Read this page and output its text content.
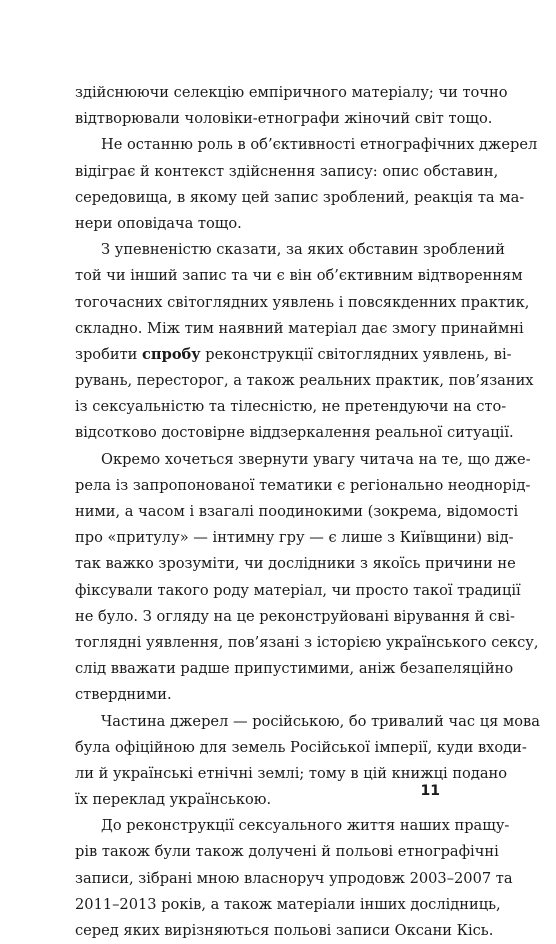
здійснюючи селекцію емпіричного матеріалу; чи точно
відтворювали чоловіки-етнографи жіночий світ тощо.
Не останню роль в об’єктивності етнографічних джерел
відіграє й контекст здійснення запису: опис обставин,
середовища, в якому цей запис зроблений, реакція та ма-
нери оповідача тощо.
З упевненістю сказати, за яких обставин зроблений
той чи інший запис та чи є він об’єктивним відтворенням
тогочасних світоглядних уявлень і повсякденних практик,
складно. Між тим наявний матеріал дає змогу принаймні
зробити спробу реконструкції світоглядних уявлень, ві-
рувань, пересторог, а також реальних практик, пов’язаних
із сексуальністю та тілесністю, не претендуючи на сто-
відсотково достовірне віддзеркалення реальної ситуації.
Окремо хочеться звернути увагу читача на те, що дже-
рела із запропонованої тематики є регіонально неоднорід-
ними, а часом і взагалі поодинокими (зокрема, відомості
про «притулу» — інтимну гру — є лише з Київщини) від-
так важко зрозуміти, чи дослідники з якоїсь причини не
фіксували такого роду матеріал, чи просто такої традиції
не було. З огляду на це реконструйовані вірування й сві-
тоглядні уявлення, пов’язані з історією українського сексу,
слід вважати радше припустимими, аніж безапеляційно
ствердними.
Частина джерел — російською, бо тривалий час ця мова
була офіційною для земель Російської імперії, куди входи-
ли й українські етнічні землі; тому в цій книжці подано
їх переклад українською.
До реконструкції сексуального життя наших пращу-
рів також були також долучені й польові етнографічні
записи, зібрані мною власноруч упродовж 2003–2007 та
2011–2013 років, а також матеріали інших дослідниць,
серед яких вирізняються польові записи Оксани Кісь.
11
